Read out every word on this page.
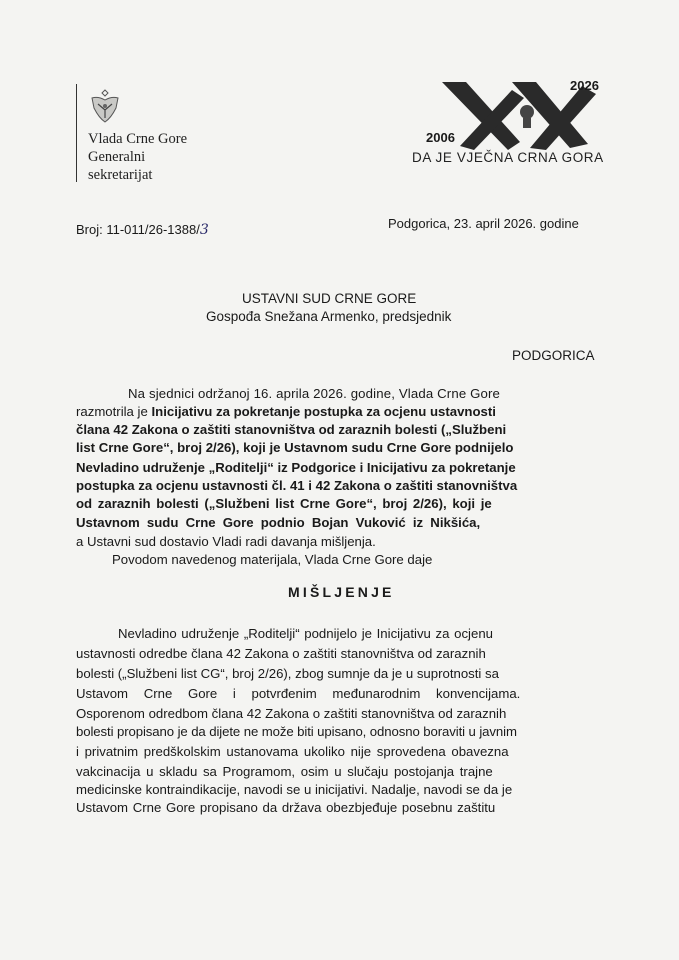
Vlada Crne Gore
Generalni
sekretarijat
2026
2006
DA JE VJEČNA CRNA GORA
Broj: 11-011/26-1388/3	Podgorica, 23. april 2026. godine
USTAVNI SUD CRNE GORE
Gospođa Snežana Armenko, predsjednik
PODGORICA
Na sjednici održanoj 16. aprila 2026. godine, Vlada Crne Gore
razmotrila je Inicijativu za pokretanje postupka za ocjenu ustavnosti
člana 42 Zakona o zaštiti stanovništva od zaraznih bolesti („Službeni
list Crne Gore“, broj 2/26), koji je Ustavnom sudu Crne Gore podnijelo
Nevladino udruženje „Roditelji“ iz Podgorice i Inicijativu za pokretanje
postupka za ocjenu ustavnosti čl. 41 i 42 Zakona o zaštiti stanovništva
od zaraznih bolesti („Službeni list Crne Gore“, broj 2/26), koji je
Ustavnom sudu Crne Gore podnio Bojan Vuković iz Nikšića,
a Ustavni sud dostavio Vladi radi davanja mišljenja.
Povodom navedenog materijala, Vlada Crne Gore daje
MIŠLJENJE
Nevladino udruženje „Roditelji“ podnijelo je Inicijativu za ocjenu
ustavnosti odredbe člana 42 Zakona o zaštiti stanovništva od zaraznih
bolesti („Službeni list CG“, broj 2/26), zbog sumnje da je u suprotnosti sa
Ustavom Crne Gore i potvrđenim međunarodnim konvencijama.
Osporenom odredbom člana 42 Zakona o zaštiti stanovništva od zaraznih
bolesti propisano je da dijete ne može biti upisano, odnosno boraviti u javnim
i privatnim predškolskim ustanovama ukoliko nije sprovedena obavezna
vakcinacija u skladu sa Programom, osim u slučaju postojanja trajne
medicinske kontraindikacije, navodi se u inicijativi. Nadalje, navodi se da je
Ustavom Crne Gore propisano da država obezbjeđuje posebnu zaštitu
